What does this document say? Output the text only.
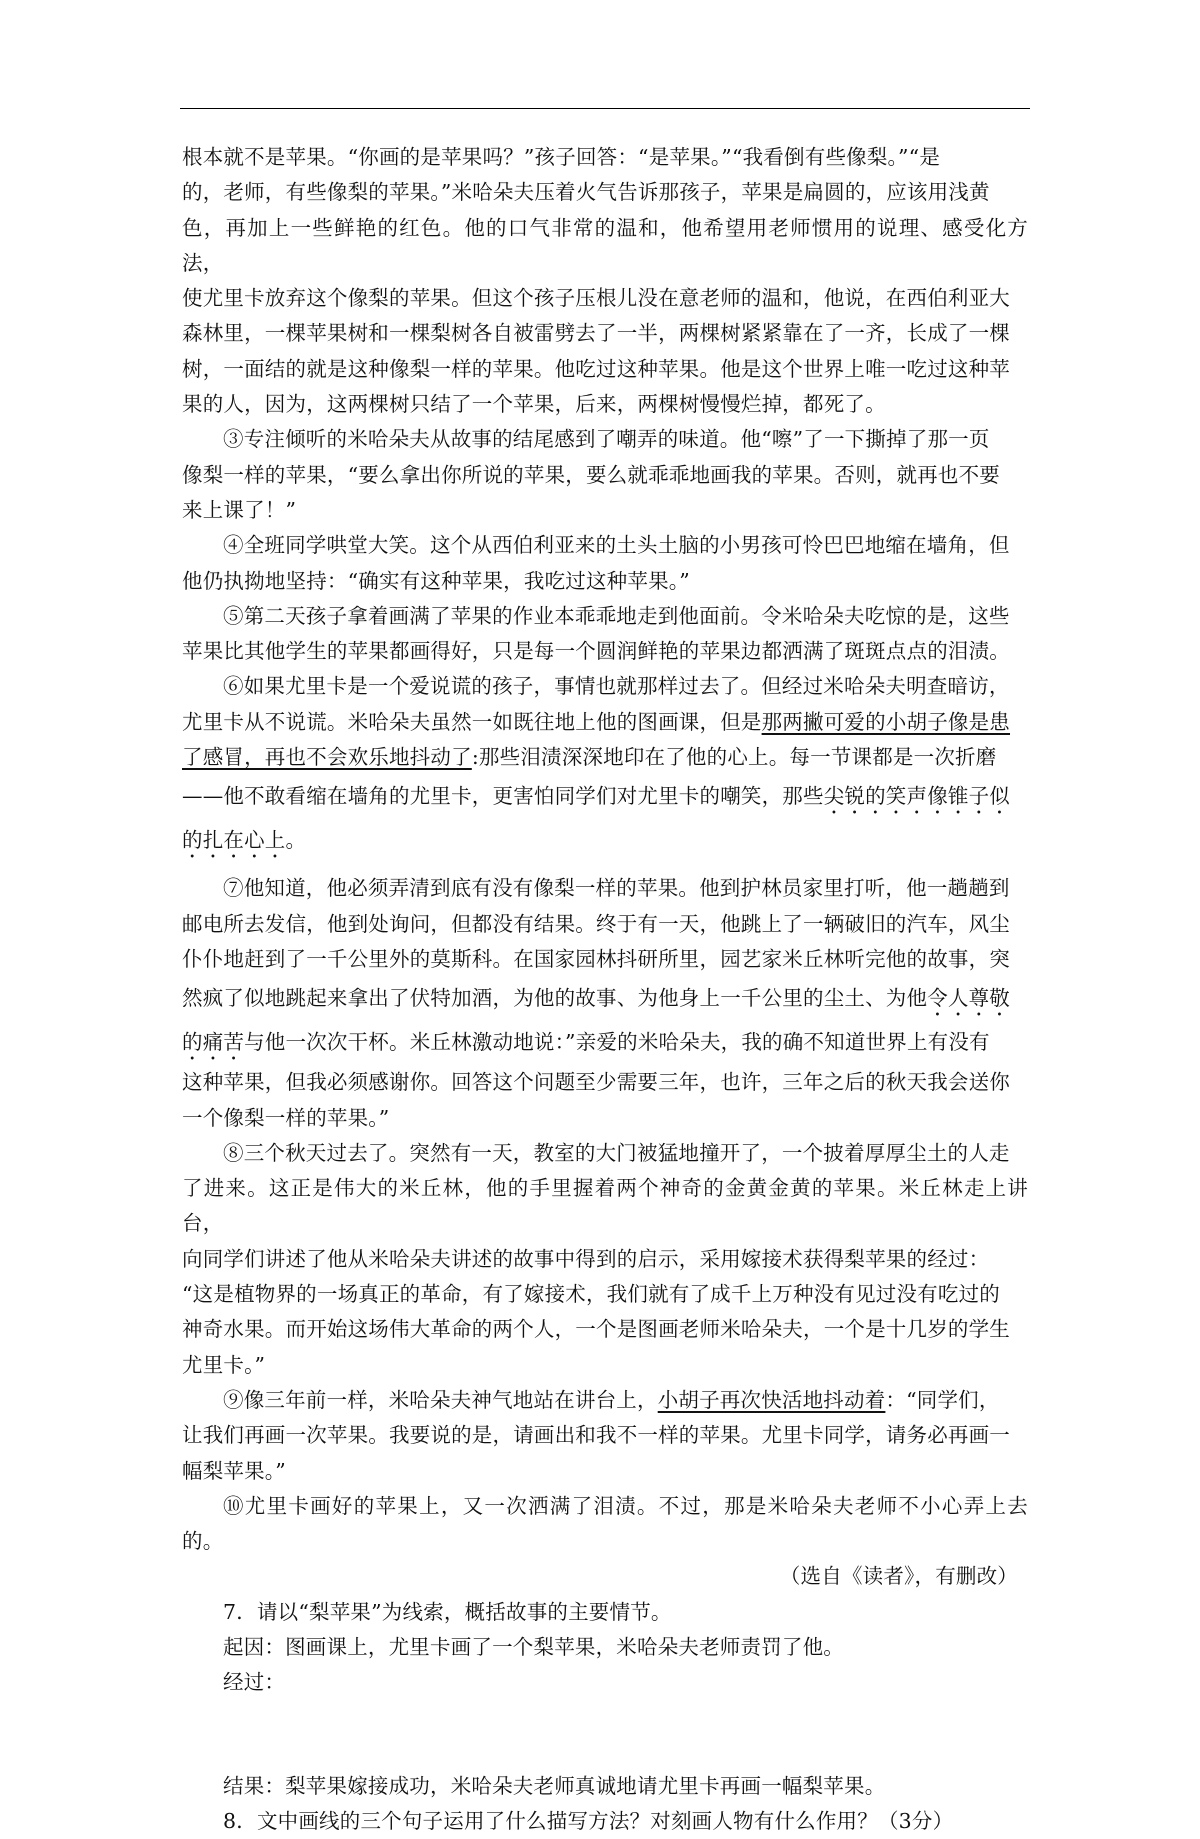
根本就不是苹果。“你画的是苹果吗？”孩子回答：“是苹果。”“我看倒有些像梨。”“是
的，老师，有些像梨的苹果。”米哈朵夫压着火气告诉那孩子，苹果是扁圆的，应该用浅黄
色，再加上一些鲜艳的红色。他的口气非常的温和，他希望用老师惯用的说理、感受化方法，
使尤里卡放弃这个像梨的苹果。但这个孩子压根儿没在意老师的温和，他说，在西伯利亚大
森林里，一棵苹果树和一棵梨树各自被雷劈去了一半，两棵树紧紧靠在了一齐，长成了一棵
树，一面结的就是这种像梨一样的苹果。他吃过这种苹果。他是这个世界上唯一吃过这种苹
果的人，因为，这两棵树只结了一个苹果，后来，两棵树慢慢烂掉，都死了。

③专注倾听的米哈朵夫从故事的结尾感到了嘲弄的味道。他“嚓”了一下撕掉了那一页
像梨一样的苹果，“要么拿出你所说的苹果，要么就乖乖地画我的苹果。否则，就再也不要
来上课了！”

④全班同学哄堂大笑。这个从西伯利亚来的土头土脑的小男孩可怜巴巴地缩在墙角，但
他仍执拗地坚持：“确实有这种苹果，我吃过这种苹果。”

⑤第二天孩子拿着画满了苹果的作业本乖乖地走到他面前。令米哈朵夫吃惊的是，这些
苹果比其他学生的苹果都画得好，只是每一个圆润鲜艳的苹果边都洒满了斑斑点点的泪渍。

⑥如果尤里卡是一个爱说谎的孩子，事情也就那样过去了。但经过米哈朵夫明查暗访，
尤里卡从不说谎。米哈朵夫虽然一如既往地上他的图画课，但是那两撇可爱的小胡子像是患
了感冒，再也不会欢乐地抖动了:那些泪渍深深地印在了他的心上。每一节课都是一次折磨
——他不敢看缩在墙角的尤里卡，更害怕同学们对尤里卡的嘲笑，那些尖锐的笑声像锥子似
的扎在心上。

⑦他知道，他必须弄清到底有没有像梨一样的苹果。他到护林员家里打听，他一趟趟到
邮电所去发信，他到处询问，但都没有结果。终于有一天，他跳上了一辆破旧的汽车，风尘
仆仆地赶到了一千公里外的莫斯科。在国家园林抖研所里，园艺家米丘林听完他的故事，突
然疯了似地跳起来拿出了伏特加酒，为他的故事、为他身上一千公里的尘土、为他令人尊敬
的痛苦与他一次次干杯。米丘林激动地说：”亲爱的米哈朵夫，我的确不知道世界上有没有
这种苹果，但我必须感谢你。回答这个问题至少需要三年，也许，三年之后的秋天我会送你
一个像梨一样的苹果。”

⑧三个秋天过去了。突然有一天，教室的大门被猛地撞开了，一个披着厚厚尘土的人走
了进来。这正是伟大的米丘林，他的手里握着两个神奇的金黄金黄的苹果。米丘林走上讲台，
向同学们讲述了他从米哈朵夫讲述的故事中得到的启示，采用嫁接术获得梨苹果的经过：
“这是植物界的一场真正的革命，有了嫁接术，我们就有了成千上万种没有见过没有吃过的
神奇水果。而开始这场伟大革命的两个人，一个是图画老师米哈朵夫，一个是十几岁的学生
尤里卡。”

⑨像三年前一样，米哈朵夫神气地站在讲台上，小胡子再次快活地抖动着：“同学们，
让我们再画一次苹果。我要说的是，请画出和我不一样的苹果。尤里卡同学，请务必再画一
幅梨苹果。”

⑩尤里卡画好的苹果上，又一次洒满了泪渍。不过，那是米哈朵夫老师不小心弄上去的。

（选自《读者》，有删改）

7．请以“梨苹果”为线索，概括故事的主要情节。

起因：图画课上，尤里卡画了一个梨苹果，米哈朵夫老师责罚了他。

经过：

结果：梨苹果嫁接成功，米哈朵夫老师真诚地请尤里卡再画一幅梨苹果。

8．文中画线的三个句子运用了什么描写方法？对刻画人物有什么作用？（3分）
